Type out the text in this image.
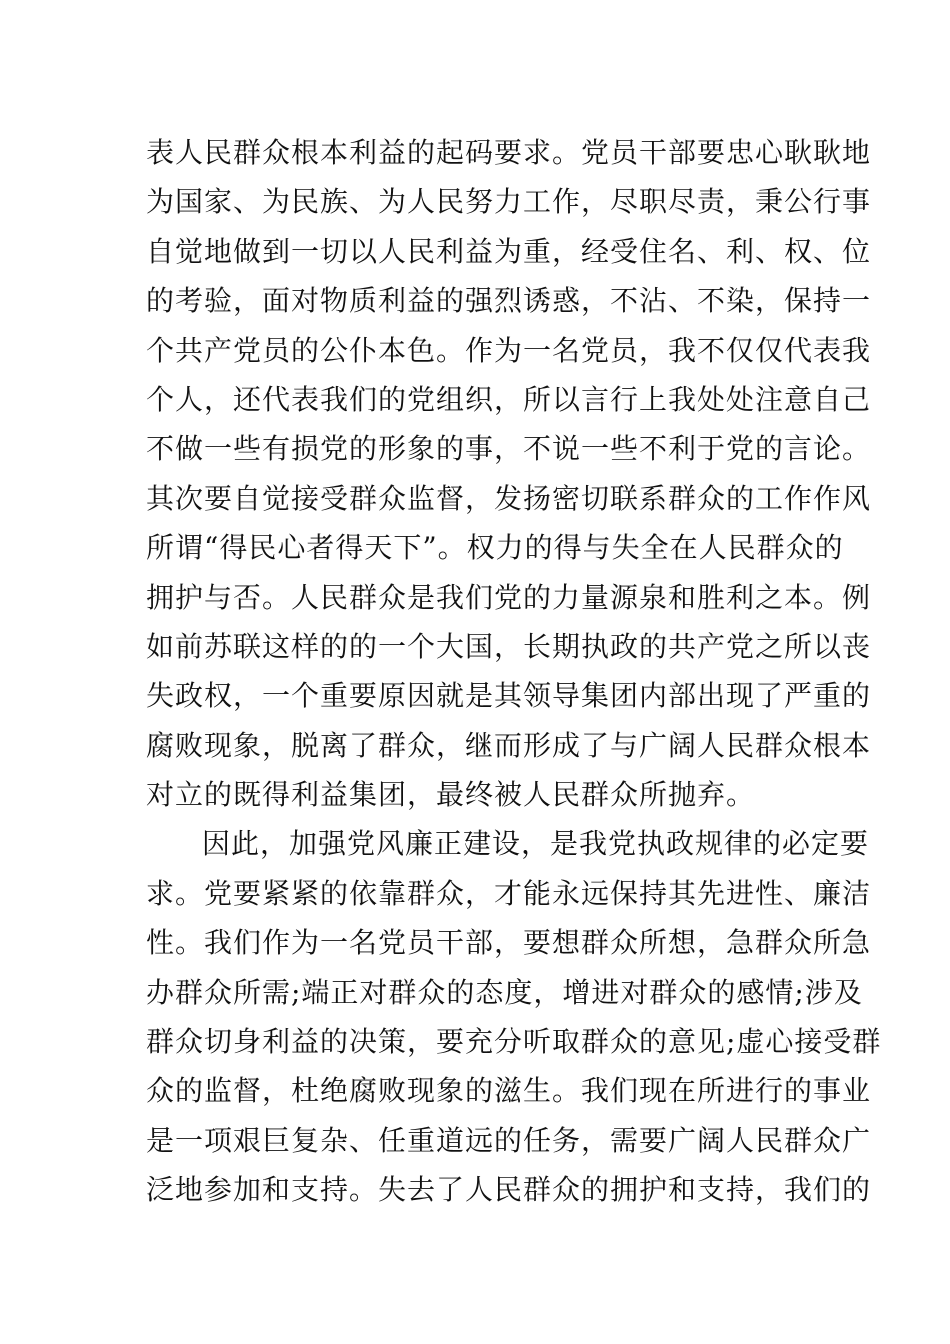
表人民群众根本利益的起码要求。党员干部要忠心耿耿地
为国家、为民族、为人民努力工作，尽职尽责，秉公行事
自觉地做到一切以人民利益为重，经受住名、利、权、位
的考验，面对物质利益的强烈诱惑，不沾、不染，保持一
个共产党员的公仆本色。作为一名党员，我不仅仅代表我
个人，还代表我们的党组织，所以言行上我处处注意自己
不做一些有损党的形象的事，不说一些不利于党的言论。
其次要自觉接受群众监督，发扬密切联系群众的工作作风
所谓“得民心者得天下”。权力的得与失全在人民群众的
拥护与否。人民群众是我们党的力量源泉和胜利之本。例
如前苏联这样的的一个大国，长期执政的共产党之所以丧
失政权，一个重要原因就是其领导集团内部出现了严重的
腐败现象，脱离了群众，继而形成了与广阔人民群众根本
对立的既得利益集团，最终被人民群众所抛弃。
因此，加强党风廉正建设，是我党执政规律的必定要
求。党要紧紧的依靠群众，才能永远保持其先进性、廉洁
性。我们作为一名党员干部，要想群众所想，急群众所急
办群众所需;端正对群众的态度，增进对群众的感情;涉及
群众切身利益的决策，要充分听取群众的意见;虚心接受群
众的监督，杜绝腐败现象的滋生。我们现在所进行的事业
是一项艰巨复杂、任重道远的任务，需要广阔人民群众广
泛地参加和支持。失去了人民群众的拥护和支持，我们的
